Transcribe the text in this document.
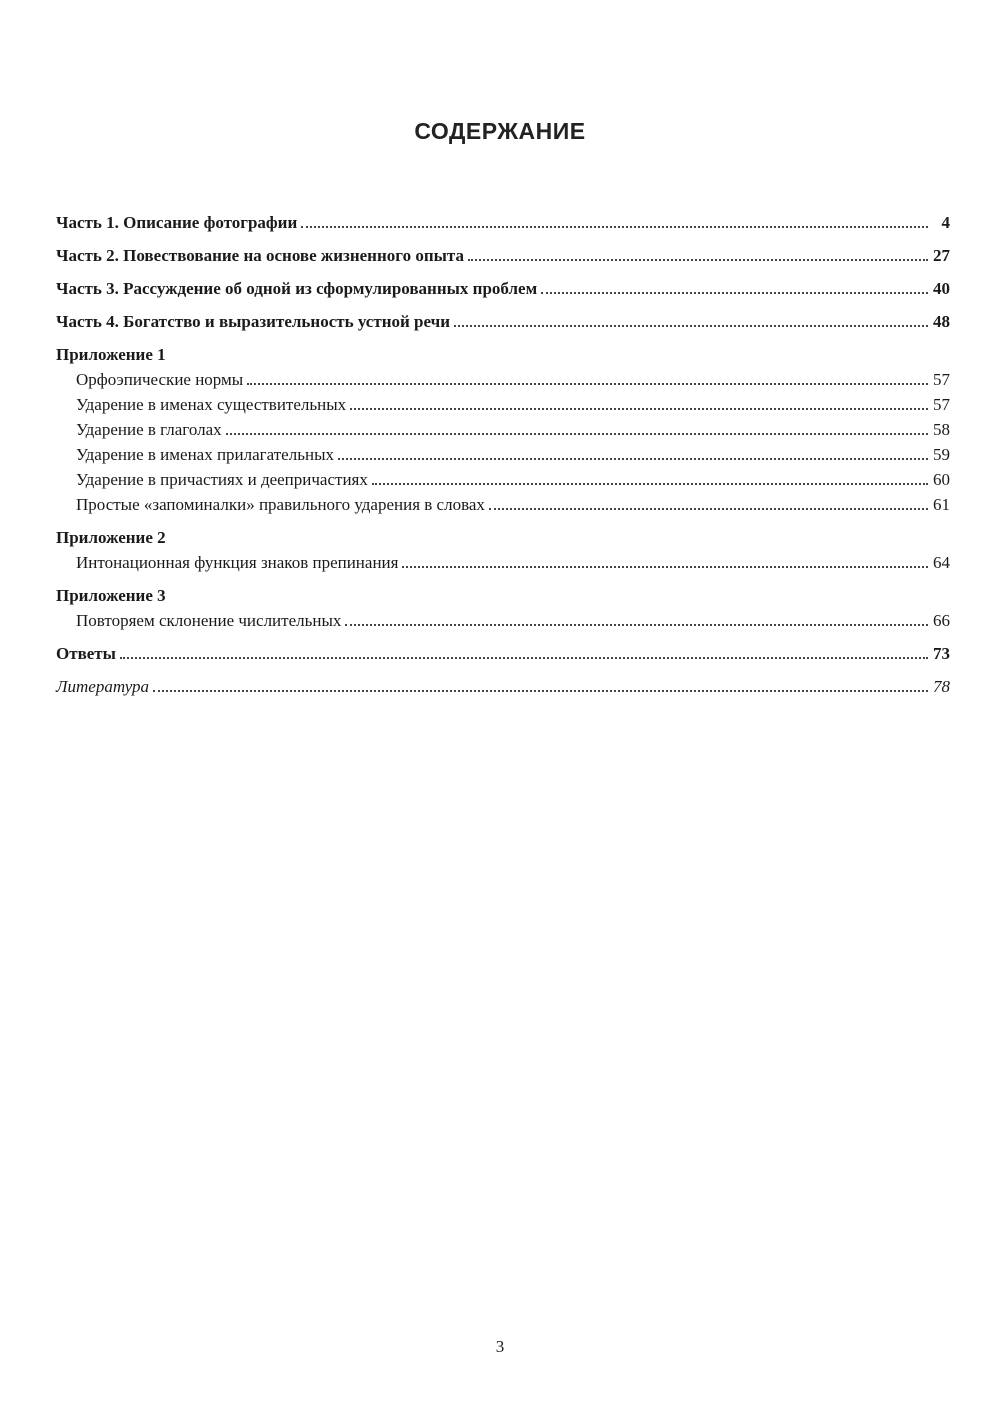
СОДЕРЖАНИЕ
Часть 1. Описание фотографии	4
Часть 2. Повествование на основе жизненного опыта	27
Часть 3. Рассуждение об одной из сформулированных проблем	40
Часть 4. Богатство и выразительность устной речи	48
Приложение 1
Орфоэпические нормы	57
Ударение в именах существительных	57
Ударение в глаголах	58
Ударение в именах прилагательных	59
Ударение в причастиях и деепричастиях	60
Простые «запоминалки» правильного ударения в словах	61
Приложение 2
Интонационная функция знаков препинания	64
Приложение 3
Повторяем склонение числительных	66
Ответы	73
Литература	78
3
